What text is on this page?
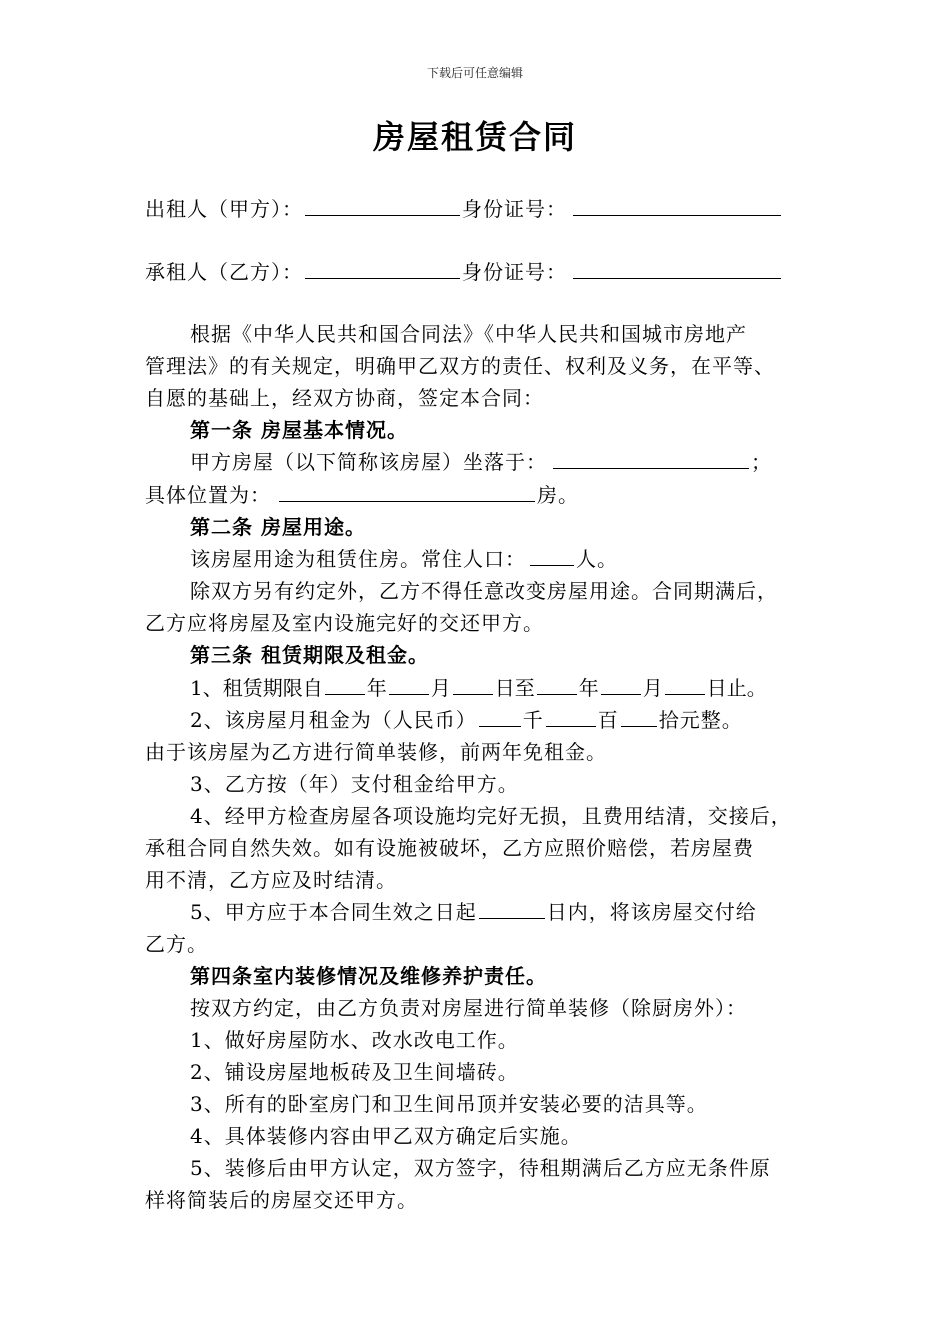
下载后可任意编辑
房屋租赁合同
出租人（甲方）：	身份证号：
承租人（乙方）：	身份证号：
根据《中华人民共和国合同法》《中华人民共和国城市房地产
管理法》的有关规定，明确甲乙双方的责任、权利及义务，在平等、
自愿的基础上，经双方协商，签定本合同：
第一条 房屋基本情况。
甲方房屋（以下简称该房屋）坐落于：	；
具体位置为：	房。
第二条 房屋用途。
该房屋用途为租赁住房。常住人口：	人。
除双方另有约定外，乙方不得任意改变房屋用途。合同期满后，
乙方应将房屋及室内设施完好的交还甲方。
第三条 租赁期限及租金。
1、租赁期限自 年 月 日至 年 月 日止。
2、该房屋月租金为（人民币） 千	百 拾元整。
由于该房屋为乙方进行简单装修，前两年免租金。
3、乙方按（年）支付租金给甲方。
4、经甲方检查房屋各项设施均完好无损，且费用结清，交接后，
承租合同自然失效。如有设施被破坏，乙方应照价赔偿，若房屋费
用不清，乙方应及时结清。
5、甲方应于本合同生效之日起	日内，将该房屋交付给
乙方。
第四条室内装修情况及维修养护责任。
按双方约定，由乙方负责对房屋进行简单装修（除厨房外）：
1、做好房屋防水、改水改电工作。
2、铺设房屋地板砖及卫生间墙砖。
3、所有的卧室房门和卫生间吊顶并安装必要的洁具等。
4、具体装修内容由甲乙双方确定后实施。
5、装修后由甲方认定，双方签字，待租期满后乙方应无条件原
样将简装后的房屋交还甲方。
